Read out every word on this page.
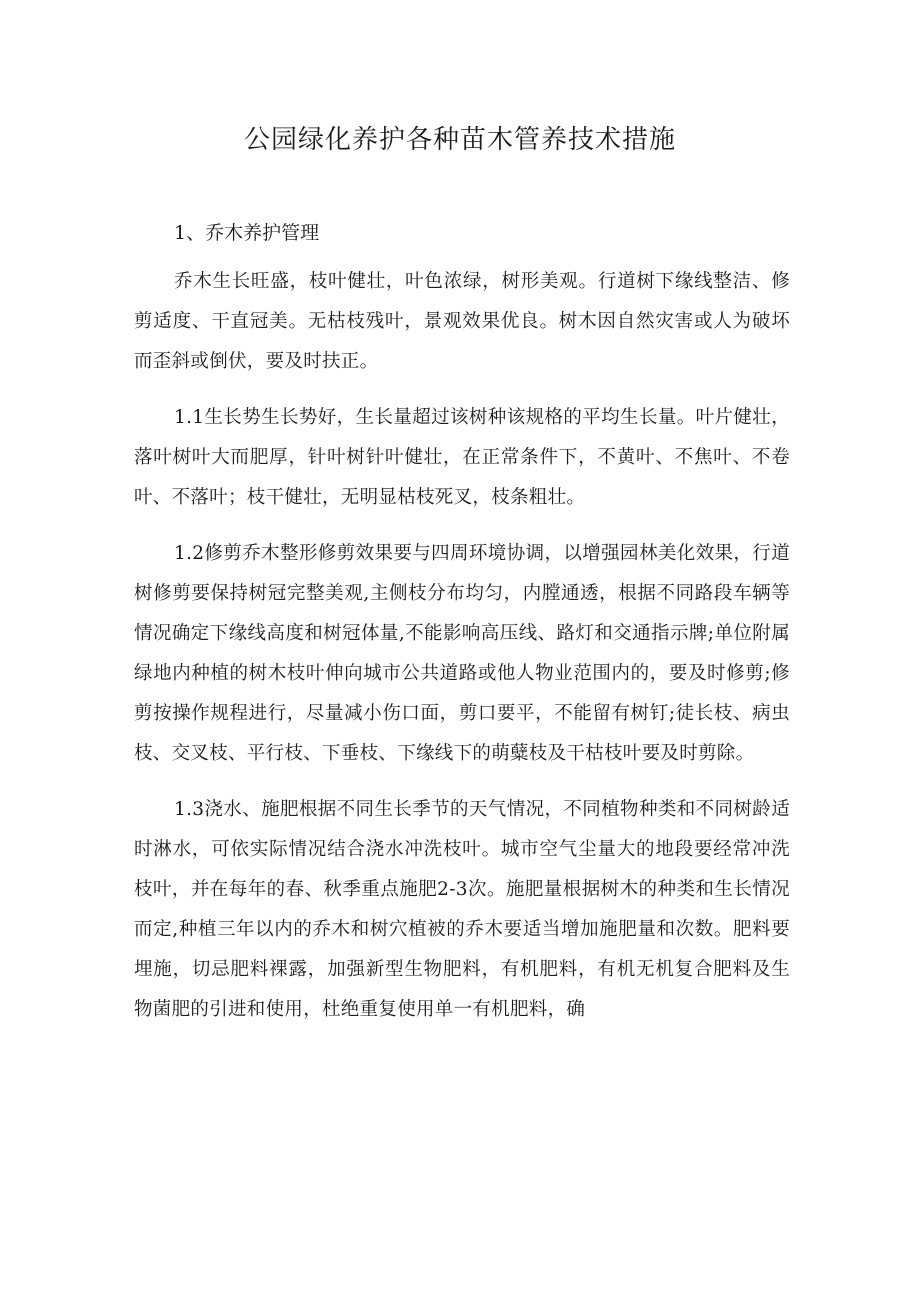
公园绿化养护各种苗木管养技术措施

1、乔木养护管理

乔木生长旺盛，枝叶健壮，叶色浓绿，树形美观。行道树下缘线整洁、修剪适度、干直冠美。无枯枝残叶，景观效果优良。树木因自然灾害或人为破坏而歪斜或倒伏，要及时扶正。

1.1生长势生长势好，生长量超过该树种该规格的平均生长量。叶片健壮，落叶树叶大而肥厚，针叶树针叶健壮，在正常条件下，不黄叶、不焦叶、不卷叶、不落叶；枝干健壮，无明显枯枝死叉，枝条粗壮。

1.2修剪乔木整形修剪效果要与四周环境协调，以增强园林美化效果，行道树修剪要保持树冠完整美观,主侧枝分布均匀，内膛通透，根据不同路段车辆等情况确定下缘线高度和树冠体量,不能影响高压线、路灯和交通指示牌;单位附属绿地内种植的树木枝叶伸向城市公共道路或他人物业范围内的，要及时修剪;修剪按操作规程进行，尽量减小伤口面，剪口要平，不能留有树钉;徒长枝、病虫枝、交叉枝、平行枝、下垂枝、下缘线下的萌糵枝及干枯枝叶要及时剪除。

1.3浇水、施肥根据不同生长季节的天气情况，不同植物种类和不同树龄适时淋水，可依实际情况结合浇水冲洗枝叶。城市空气尘量大的地段要经常冲洗枝叶，并在每年的春、秋季重点施肥2-3次。施肥量根据树木的种类和生长情况而定,种植三年以内的乔木和树穴植被的乔木要适当增加施肥量和次数。肥料要埋施，切忌肥料裸露，加强新型生物肥料，有机肥料，有机无机复合肥料及生物菌肥的引进和使用，杜绝重复使用单一有机肥料，确
